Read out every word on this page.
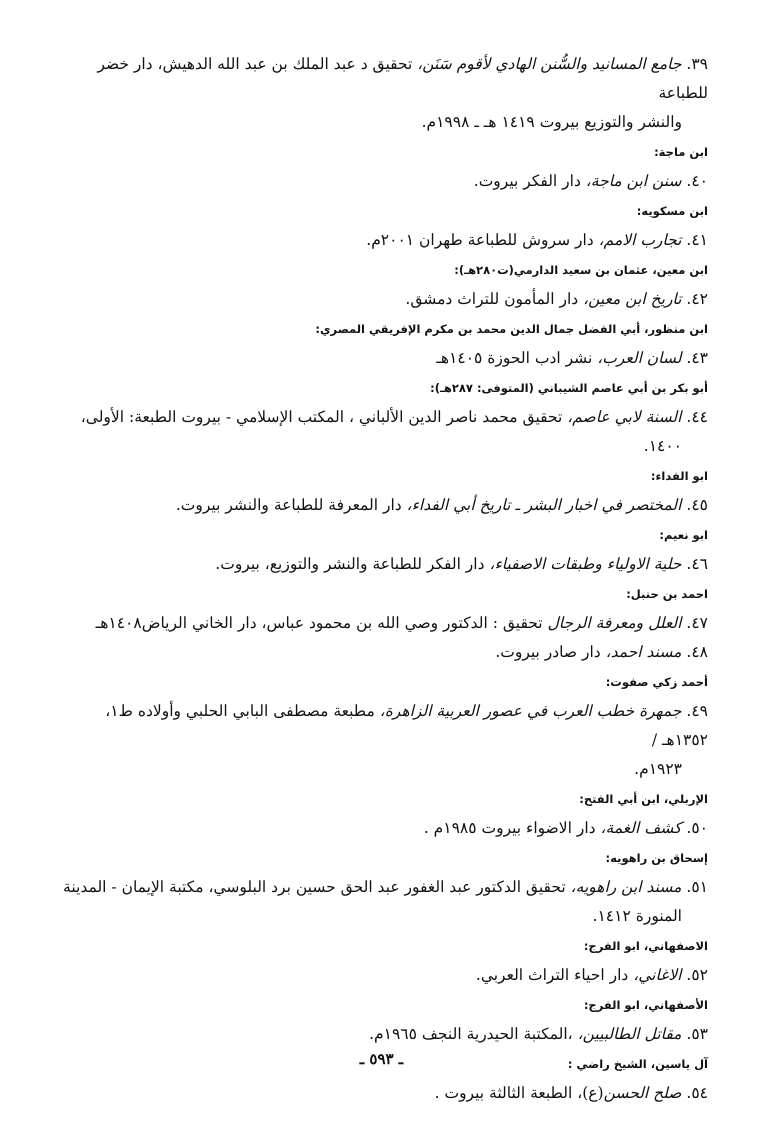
٣٩. جامع المسانيد والسُّنن الهادي لأقوم سَنَن، تحقيق د عبد الملك بن عبد الله الدهيش، دار خضر للطباعة
والنشر والتوزيع بيروت ١٤١٩ هـ ـ ١٩٩٨م.
ابن ماجة:
٤٠. سنن ابن ماجة، دار الفكر بيروت.
ابن مسكويه:
٤١. تجارب الامم، دار سروش للطباعة طهران ٢٠٠١م.
ابن معين، عثمان بن سعيد الدارمي(ت٢٨٠هـ):
٤٢. تاريخ ابن معين، دار المأمون للتراث دمشق.
ابن منظور، أبي الفضل جمال الدين محمد بن مكرم الإفريقي المصري:
٤٣. لسان العرب، نشر ادب الحوزة ١٤٠٥هـ
أبو بكر بن أبي عاصم الشيباني (المتوفى: ٢٨٧هـ):
٤٤. السنة لابي عاصم، تحقيق محمد ناصر الدين الألباني ، المكتب الإسلامي - بيروت الطبعة: الأولى،
١٤٠٠.
ابو الفداء:
٤٥. المختصر في اخبار البشر ـ تاريخ أبي الفداء، دار المعرفة للطباعة والنشر بيروت.
ابو نعيم:
٤٦. حلية الاولياء وطبقات الاصفياء، دار الفكر للطباعة والنشر والتوزيع، بيروت.
احمد بن حنبل:
٤٧. العلل ومعرفة الرجال تحقيق : الدكتور وصي الله بن محمود عباس، دار الخاني الرياض١٤٠٨هـ
٤٨. مسند احمد، دار صادر بيروت.
أحمد زكي صفوت:
٤٩. جمهرة خطب العرب في عصور العربية الزاهرة، مطبعة مصطفى البابي الحلبي وأولاده ط١، ١٣٥٢هـ /
١٩٢٣م.
الإربلي، ابن أبي الفتح:
٥٠. كشف الغمة، دار الاضواء بيروت ١٩٨٥م .
إسحاق بن راهويه:
٥١. مسند ابن راهويه، تحقيق الدكتور عبد الغفور عبد الحق حسين برد البلوسي، مكتبة الإيمان - المدينة
المنورة ١٤١٢.
الاصفهاني، ابو الفرج:
٥٢. الاغاني، دار احياء التراث العربي.
الأصفهاني، ابو الفرج:
٥٣. مقاتل الطالبيين، ،المكتبة الحيدرية النجف ١٩٦٥م.
آل ياسين، الشيخ راضي :
٥٤. صلح الحسن(ع)، الطبعة الثالثة بيروت .
ـ ٥٩٣ ـ
